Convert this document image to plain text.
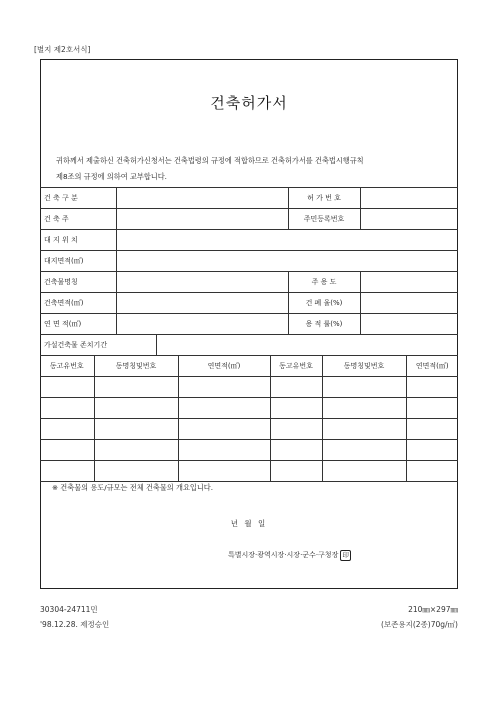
[별지 제2호서식]
건축허가서
귀하께서 제출하신 건축허가신청서는 건축법령의 규정에 적합하므로 건축허가서를 건축법시행규칙
제8조의 규정에 의하여 교부합니다.
건 축 구 분			허 가 번 호	
건 축 주			주민등록번호	
대 지 위 치				
대지면적(㎡)				
건축물명칭			주 용 도	
건축면적(㎡)			건 폐 율(%)	
연 면 적(㎡)			용 적 률(%)	
가설건축물 존치기간				
동고유번호	동명칭및번호	연면적(㎡)	동고유번호	동명칭및번호	연면적(㎡)

※ 건축물의 용도/규모는 전체 건축물의 개요입니다.
년 월 일
특별시장·광역시장·시장·군수·구청장 印
30304-24711민
'98.12.28. 제정승인
210㎜×297㎜
(보존용지(2종)70g/㎡)
